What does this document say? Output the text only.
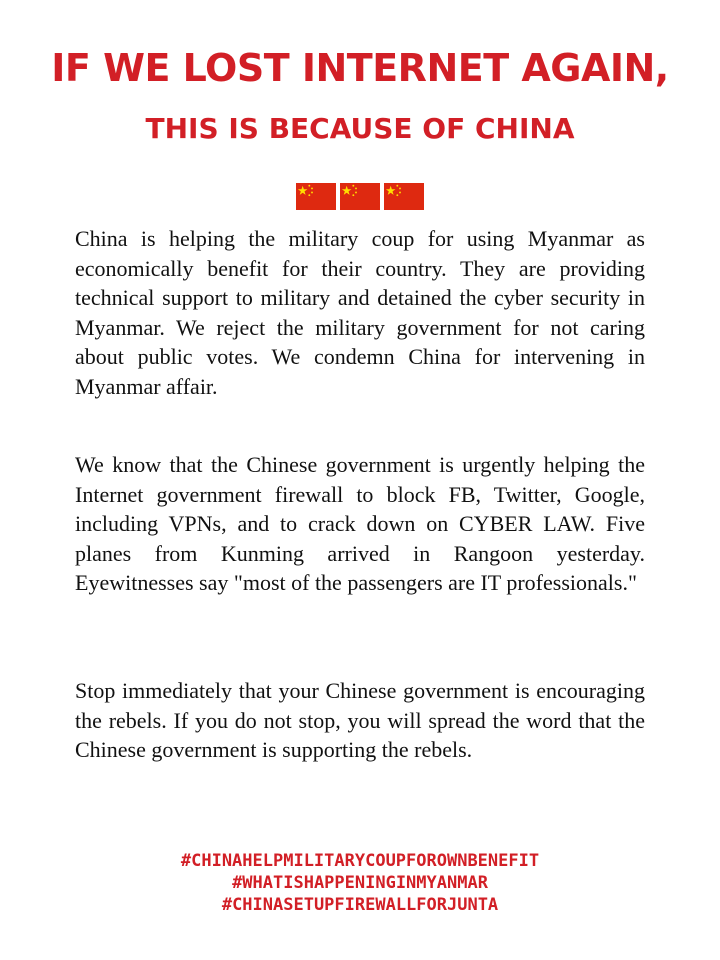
IF WE LOST INTERNET AGAIN,
THIS IS BECAUSE OF CHINA

China is helping the military coup for using Myanmar as economically benefit for their country. They are providing technical support to military and detained the cyber security in Myanmar. We reject the military government for not caring about public votes. We condemn China for intervening in Myanmar affair.

We know that the Chinese government is urgently helping the Internet government firewall to block FB, Twitter, Google, including VPNs, and to crack down on CYBER LAW. Five planes from Kunming arrived in Rangoon yesterday. Eyewitnesses say "most of the passengers are IT professionals."

Stop immediately that your Chinese government is encouraging the rebels. If you do not stop, you will spread the word that the Chinese government is supporting the rebels.

#CHINAHELPMILITARYCOUPFOROWNBENEFIT
#WHATISHAPPENINGINMYANMAR
#CHINASETUPFIREWALLFORJUNTA
